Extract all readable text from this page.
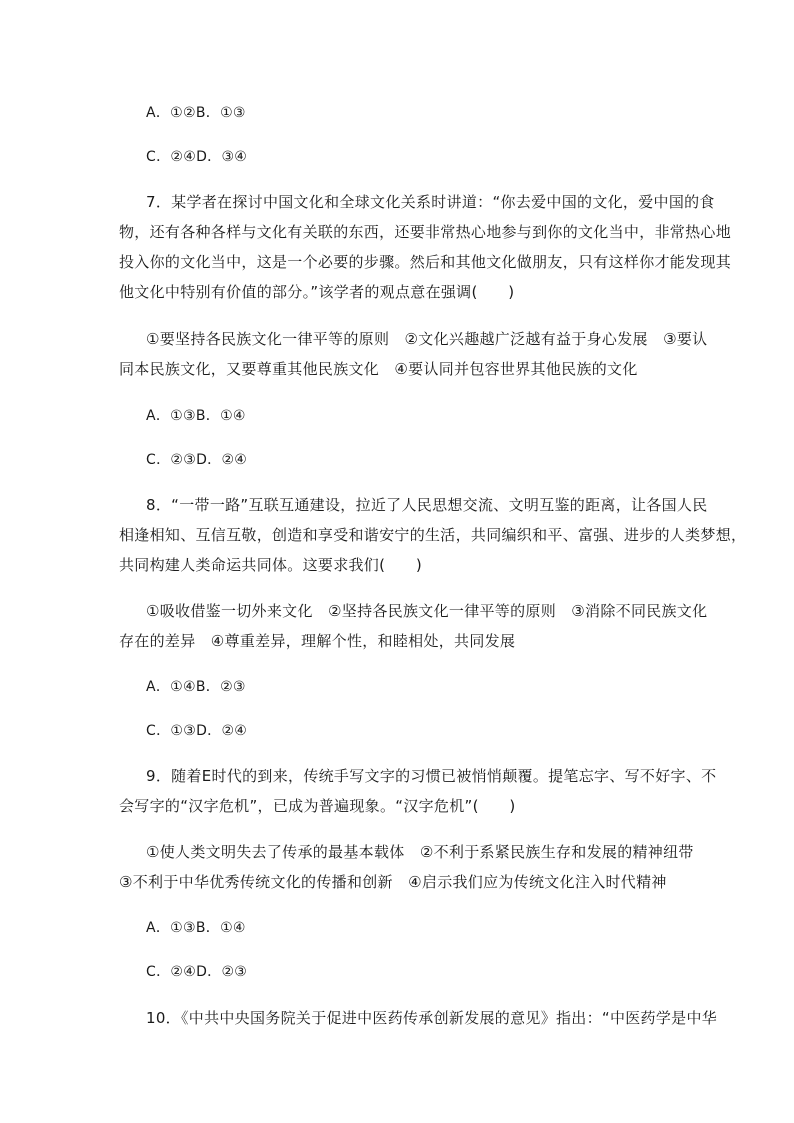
A．①②B．①③
C．②④D．③④
7．某学者在探讨中国文化和全球文化关系时讲道：“你去爱中国的文化，爱中国的食
物，还有各种各样与文化有关联的东西，还要非常热心地参与到你的文化当中，非常热心地
投入你的文化当中，这是一个必要的步骤。然后和其他文化做朋友，只有这样你才能发现其
他文化中特别有价值的部分。”该学者的观点意在强调(　　)
①要坚持各民族文化一律平等的原则　②文化兴趣越广泛越有益于身心发展　③要认
同本民族文化，又要尊重其他民族文化　④要认同并包容世界其他民族的文化
A．①③B．①④
C．②③D．②④
8．“一带一路”互联互通建设，拉近了人民思想交流、文明互鉴的距离，让各国人民
相逢相知、互信互敬，创造和享受和谐安宁的生活，共同编织和平、富强、进步的人类梦想，
共同构建人类命运共同体。这要求我们(　　)
①吸收借鉴一切外来文化　②坚持各民族文化一律平等的原则　③消除不同民族文化
存在的差异　④尊重差异，理解个性，和睦相处，共同发展
A．①④B．②③
C．①③D．②④
9．随着E时代的到来，传统手写文字的习惯已被悄悄颠覆。提笔忘字、写不好字、不
会写字的“汉字危机”，已成为普遍现象。“汉字危机”(　　)
①使人类文明失去了传承的最基本载体　②不利于系紧民族生存和发展的精神纽带
③不利于中华优秀传统文化的传播和创新　④启示我们应为传统文化注入时代精神
A．①③B．①④
C．②④D．②③
10．《中共中央国务院关于促进中医药传承创新发展的意见》指出：“中医药学是中华
